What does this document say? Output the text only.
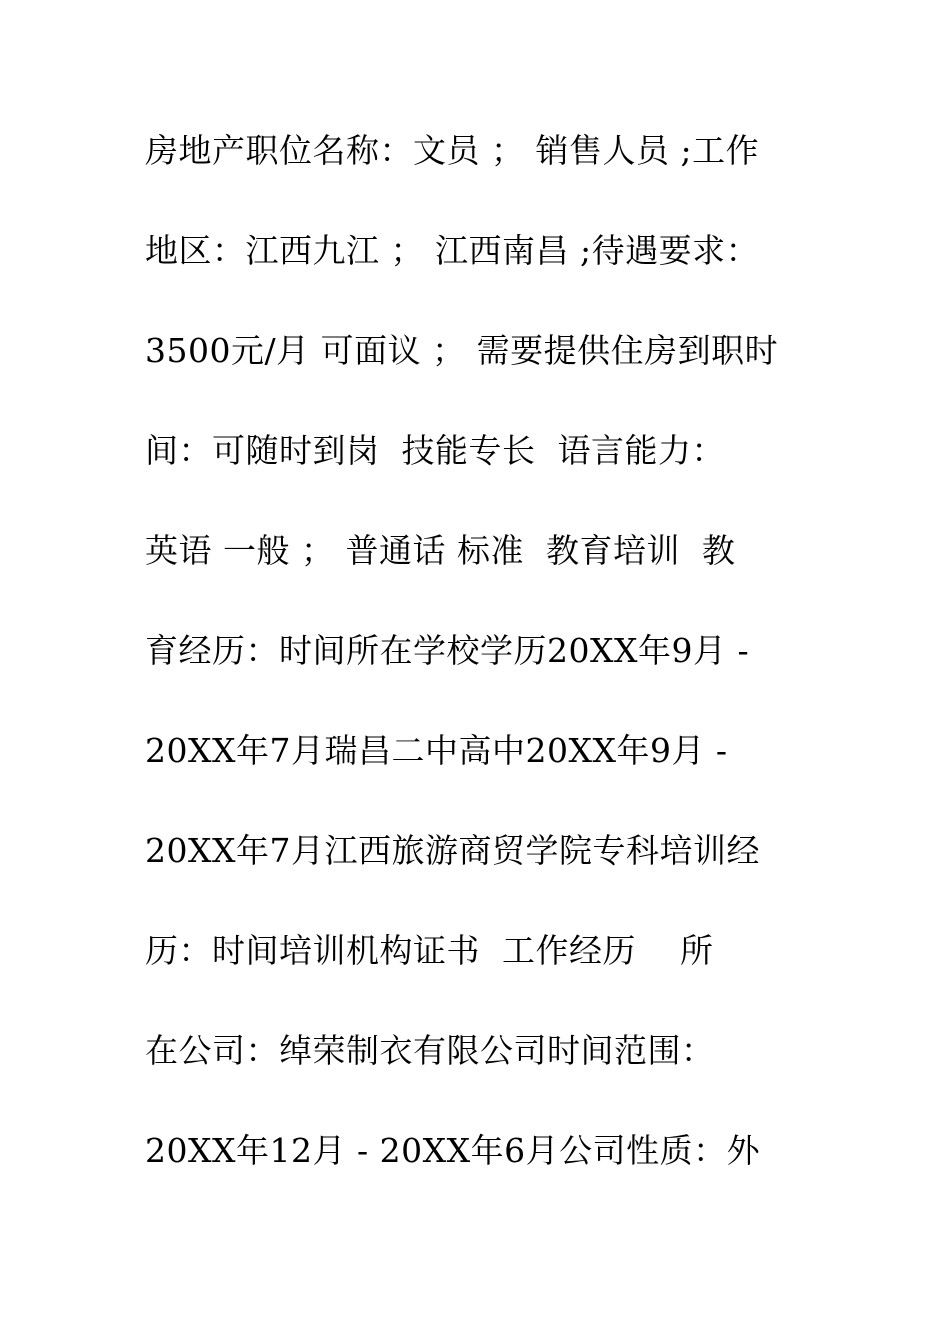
房地产职位名称：文员 ； 销售人员 ;工作
地区：江西九江 ； 江西南昌 ;待遇要求：
3500元/月 可面议 ； 需要提供住房到职时
间：可随时到岗  技能专长  语言能力：
英语 一般 ； 普通话 标准  教育培训  教
育经历：时间所在学校学历20XX年9月 -
20XX年7月瑞昌二中高中20XX年9月 -
20XX年7月江西旅游商贸学院专科培训经
历：时间培训机构证书  工作经历    所
在公司：绰荣制衣有限公司时间范围：
20XX年12月 - 20XX年6月公司性质：外
